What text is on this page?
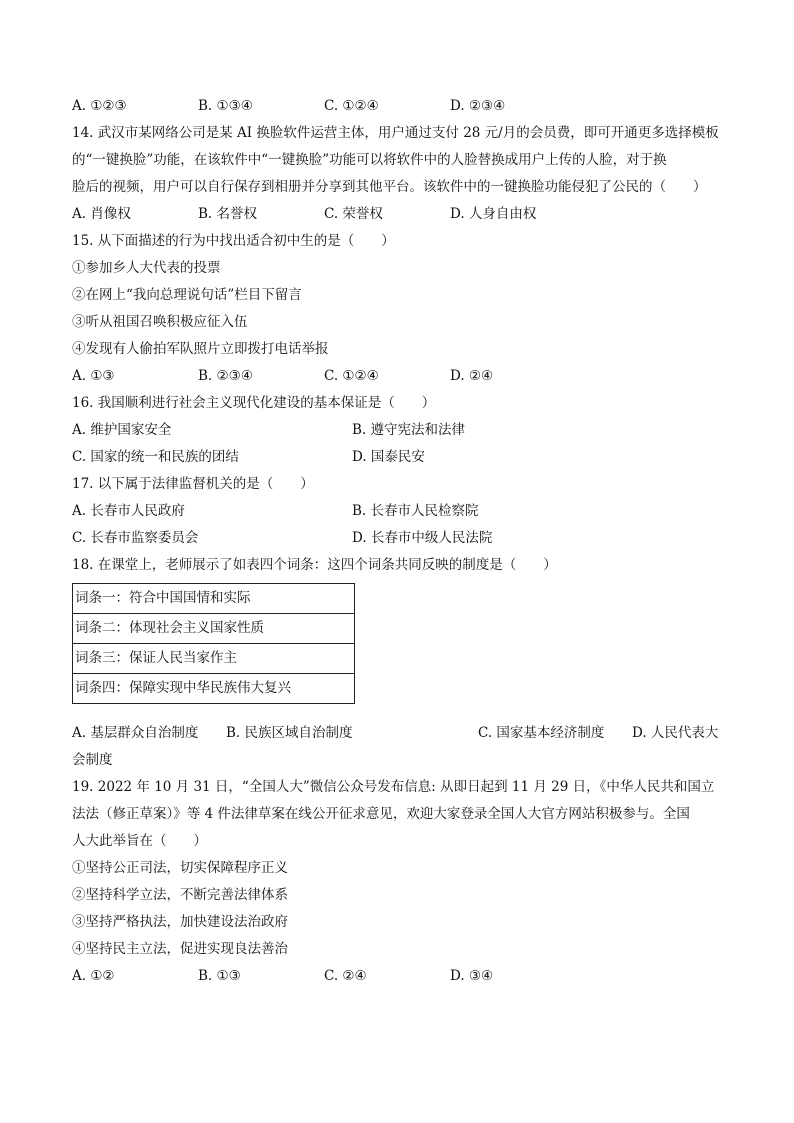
A. ①②③	B. ①③④	C. ①②④	D. ②③④
14. 武汉市某网络公司是某 AI 换脸软件运营主体，用户通过支付 28 元/月的会员费，即可开通更多选择模板
的“一键换脸”功能，在该软件中“一键换脸”功能可以将软件中的人脸替换成用户上传的人脸，对于换
脸后的视频，用户可以自行保存到相册并分享到其他平台。该软件中的一键换脸功能侵犯了公民的（　　）
A. 肖像权	B. 名誉权	C. 荣誉权	D. 人身自由权
15. 从下面描述的行为中找出适合初中生的是（　　）
①参加乡人大代表的投票
②在网上“我向总理说句话”栏目下留言
③听从祖国召唤积极应征入伍
④发现有人偷拍军队照片立即拨打电话举报
A. ①③	B. ②③④	C. ①②④	D. ②④
16. 我国顺利进行社会主义现代化建设的基本保证是（　　）
A. 维护国家安全	B. 遵守宪法和法律
C. 国家的统一和民族的团结	D. 国泰民安
17. 以下属于法律监督机关的是（　　）
A. 长春市人民政府	B. 长春市人民检察院
C. 长春市监察委员会	D. 长春市中级人民法院
18. 在课堂上，老师展示了如表四个词条：这四个词条共同反映的制度是（　　）
词条一：符合中国国情和实际
词条二：体现社会主义国家性质
词条三：保证人民当家作主
词条四：保障实现中华民族伟大复兴
A. 基层群众自治制度	B. 民族区域自治制度	C. 国家基本经济制度	D. 人民代表大
会制度
19. 2022 年 10 月 31 日，“全国人大”微信公众号发布信息: 从即日起到 11 月 29 日，《中华人民共和国立
法法（修正草案）》等 4 件法律草案在线公开征求意见，欢迎大家登录全国人大官方网站积极参与。全国
人大此举旨在（　　）
①坚持公正司法，切实保障程序正义
②坚持科学立法，不断完善法律体系
③坚持严格执法，加快建设法治政府
④坚持民主立法，促进实现良法善治
A. ①②	B. ①③	C. ②④	D. ③④
